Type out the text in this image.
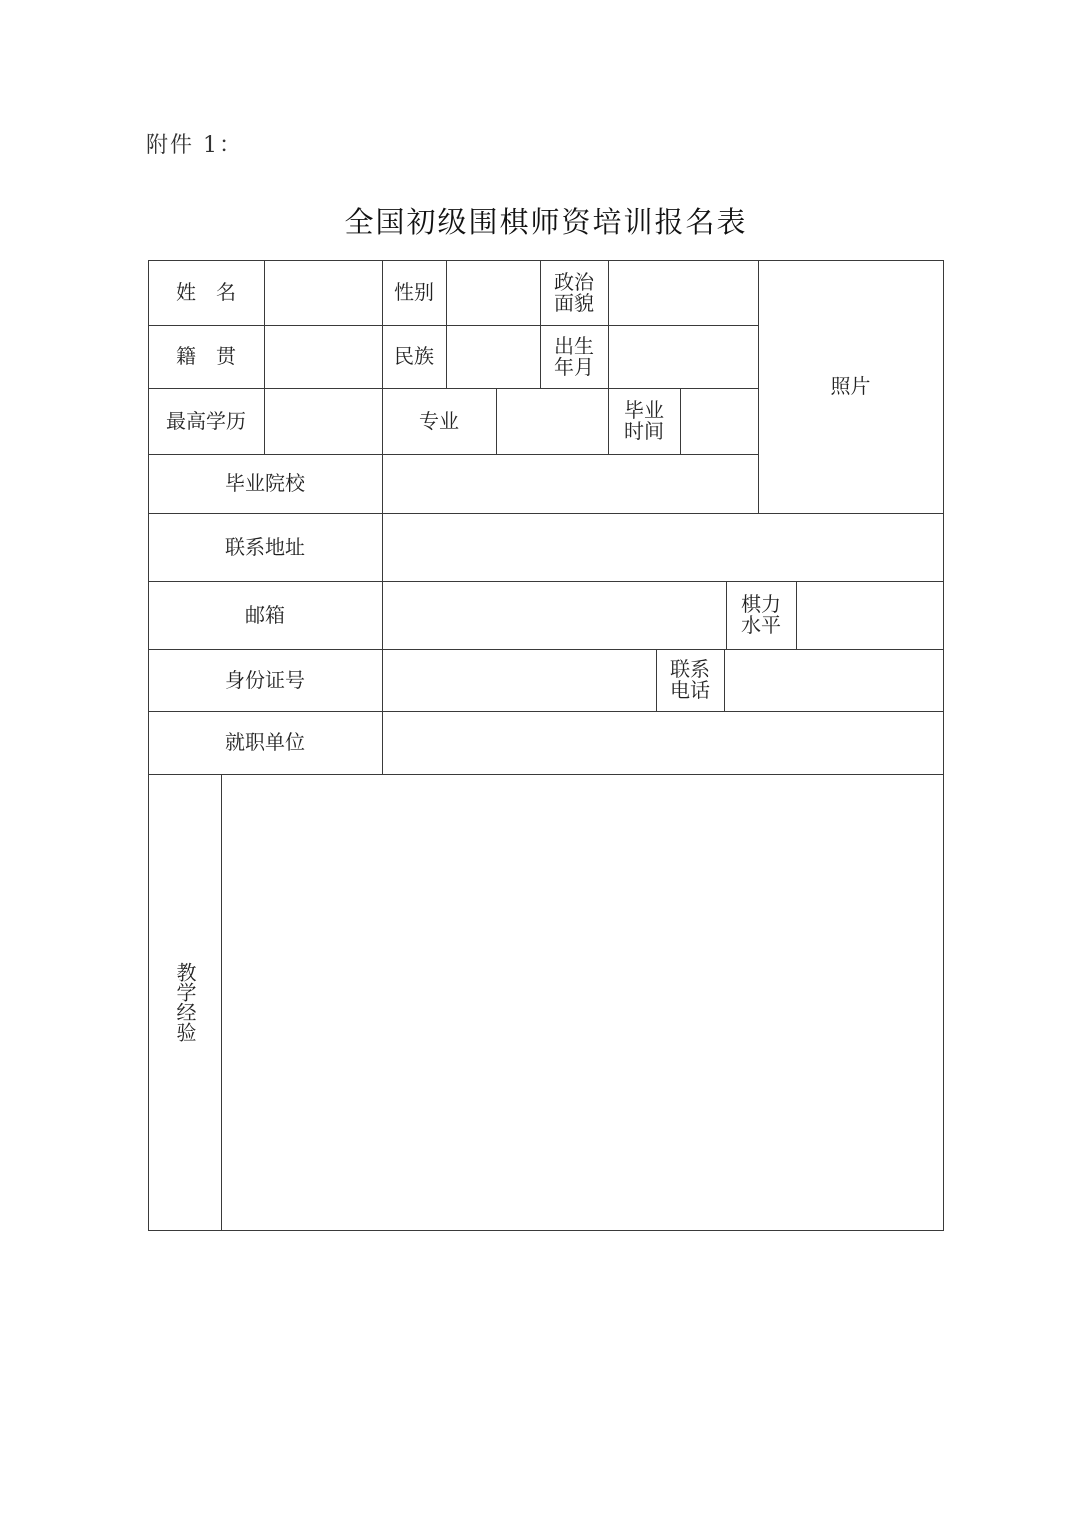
附件 1：
全国初级围棋师资培训报名表
姓　名	性别	政治面貌
照片
籍　贯	民族	出生年月
最高学历	专业	毕业时间
毕业院校
联系地址
邮箱	棋力水平
身份证号	联系电话
就职单位
教学经验
